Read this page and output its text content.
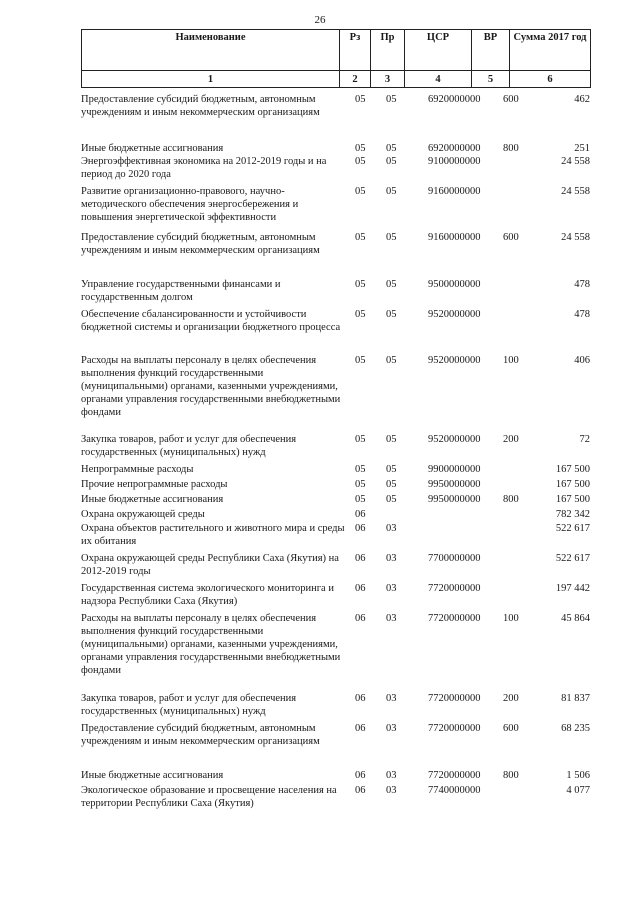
26
Наименование	Рз	Пр	ЦСР	ВР	Сумма 2017 год
1	2	3	4	5	6
Предоставление субсидий бюджетным, автономным учреждениям и иным некоммерческим организациям	05	05	6920000000	600	462
Иные бюджетные ассигнования	05	05	6920000000	800	251
Энергоэффективная экономика на 2012-2019 годы и на период до 2020 года	05	05	9100000000		24 558
Развитие организационно-правового, научно-методического обеспечения энергосбережения и повышения энергетической эффективности	05	05	9160000000		24 558
Предоставление субсидий бюджетным, автономным учреждениям и иным некоммерческим организациям	05	05	9160000000	600	24 558
Управление государственными финансами и государственным долгом	05	05	9500000000		478
Обеспечение сбалансированности и устойчивости бюджетной системы и организации бюджетного процесса	05	05	9520000000		478
Расходы на выплаты персоналу в целях обеспечения выполнения функций государственными (муниципальными) органами, казенными учреждениями, органами управления государственными внебюджетными фондами	05	05	9520000000	100	406
Закупка товаров, работ и услуг для обеспечения государственных (муниципальных) нужд	05	05	9520000000	200	72
Непрограммные расходы	05	05	9900000000		167 500
Прочие непрограммные расходы	05	05	9950000000		167 500
Иные бюджетные ассигнования	05	05	9950000000	800	167 500
Охрана окружающей среды	06				782 342
Охрана объектов растительного и животного мира и среды их обитания	06	03			522 617
Охрана окружающей среды Республики Саха (Якутия) на 2012-2019 годы	06	03	7700000000		522 617
Государственная система экологического мониторинга и надзора Республики Саха (Якутия)	06	03	7720000000		197 442
Расходы на выплаты персоналу в целях обеспечения выполнения функций государственными (муниципальными) органами, казенными учреждениями, органами управления государственными внебюджетными фондами	06	03	7720000000	100	45 864
Закупка товаров, работ и услуг для обеспечения государственных (муниципальных) нужд	06	03	7720000000	200	81 837
Предоставление субсидий бюджетным, автономным учреждениям и иным некоммерческим организациям	06	03	7720000000	600	68 235
Иные бюджетные ассигнования	06	03	7720000000	800	1 506
Экологическое образование и просвещение населения на территории Республики Саха (Якутия)	06	03	7740000000		4 077
